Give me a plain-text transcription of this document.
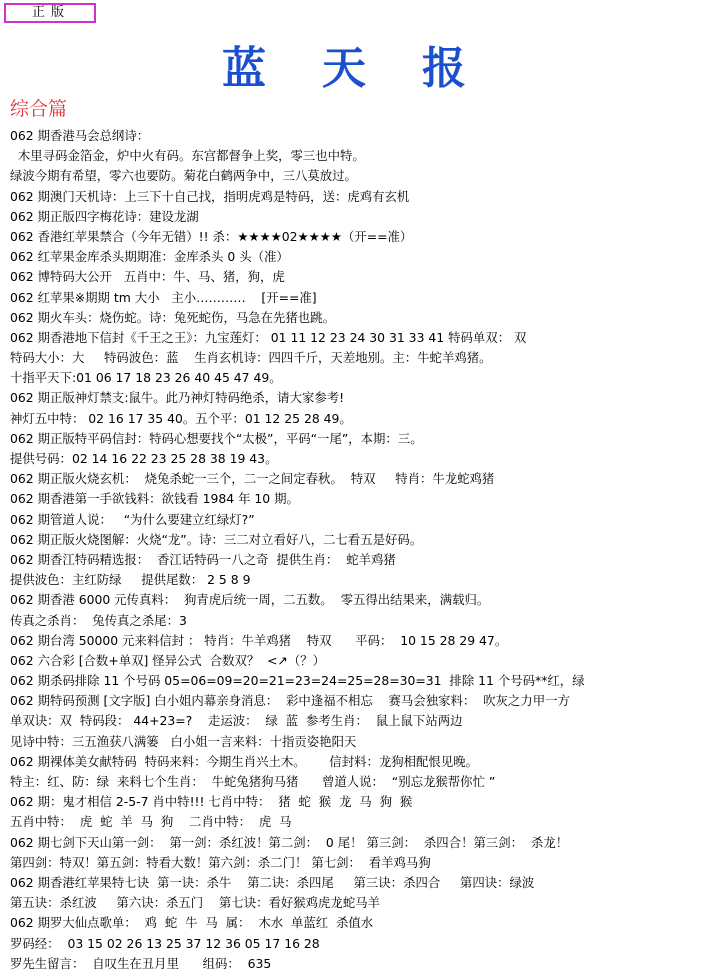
正版
蓝天报
综合篇
062 期香港马会总纲诗：
木里寻码金箔金，炉中火有码。东宫都督争上奖，零三也中特。
绿波今期有希望，零六也要防。菊花白鹤两争中，三八莫放过。
062 期澳门天机诗：上三下十自己找，指明虎鸡是特码，送：虎鸡有玄机
062 期正版四字梅花诗：建设龙湖
062 香港红苹果禁合（今年无错）!! 杀：★★★★02★★★★（开==准）
062 红苹果金库杀头期期准：金库杀头 0 头（准）
062 博特码大公开   五肖中：牛、马、猪，狗，虎
062 红苹果※期期 tm 大小   主小…………    [开==准]
062 期火车头：烧伤蛇。诗：兔死蛇伤，马急在先猪也跳。
062 期香港地下信封《千王之王》：九宝莲灯： 01 11 12 23 24 30 31 33 41 特码单双： 双
特码大小：大     特码波色：蓝    生肖玄机诗：四四千斤，天差地别。主：牛蛇羊鸡猪。
十指平天下:01 06 17 18 23 26 40 45 47 49。
062 期正版神灯禁支:鼠牛。此乃神灯特码绝杀，请大家参考!
神灯五中特： 02 16 17 35 40。五个平：01 12 25 28 49。
062 期正版特平码信封：特码心想要找个“太极”，平码“一尾”，本期：三。
提供号码：02 14 16 22 23 25 28 38 19 43。
062 期正版火烧玄机：  烧兔杀蛇一三个，二一之间定春秋。  特双     特肖：牛龙蛇鸡猪
062 期香港第一手欲钱料：欲钱看 1984 年 10 期。
062 期管道人说：   “为什么要建立红绿灯?”
062 期正版火烧图解：火烧“龙”。诗：三二对立看好八，二七看五是好码。
062 期香江特码精选报：  香江话特码一八之奇  提供生肖：  蛇羊鸡猪
提供波色：主红防绿     提供尾数： 2 5 8 9
062 期香港 6000 元传真料：  狗青虎后统一周，二五数。  零五得出结果来，满载归。
传真之杀肖：  兔传真之杀尾：3
062 期台湾 50000 元来料信封 ： 特肖：牛羊鸡猪    特双      平码：  10 15 28 29 47。
062 六合彩 [合数+单双] 怪异公式  合数双？  <↗（？）
062 期杀码排除 11 个号码 05=06=09=20=21=23=24=25=28=30=31  排除 11 个号码**红，绿
062 期特码预测 [文字版] 白小姐内幕亲身消息：  彩中逢福不相忘    赛马会独家料：  吹灰之力甲一方
单双诀：双  特码段： 44+23=?    走运波：  绿  蓝  参考生肖：  鼠上鼠下站两边
见诗中特：三五渔获八满篓   白小姐一言来料：十指贡姿艳阳天
062 期裸体美女献特码  特码来料：今期生肖兴土木。      信封料：龙狗相配恨见晚。
特主：红、防：绿  来料七个生肖：  牛蛇兔猪狗马猪      曾道人说：  “别忘龙猴帮你忙 ”
062 期：鬼才相信 2-5-7 肖中特!!! 七肖中特：  猪  蛇  猴  龙  马  狗  猴
五肖中特：  虎  蛇  羊  马  狗    二肖中特：  虎  马
062 期七剑下天山第一剑：  第一剑：杀红波！第二剑：  0 尾！ 第三剑：  杀四合！第三剑：  杀龙！
第四剑：特双！第五剑：特看大数！第六剑：杀二门！ 第七剑：  看羊鸡马狗
062 期香港红苹果特七诀  第一诀：杀牛    第二诀：杀四尾     第三诀：杀四合     第四诀：绿波
第五诀：杀红波     第六诀：杀五门    第七诀：看好猴鸡虎龙蛇马羊
062 期罗大仙点歌单：  鸡  蛇  牛  马  属：  木水  单蓝红  杀值水
罗码经：  03 15 02 26 13 25 37 12 36 05 17 16 28
罗先生留言：  自叹生在丑月里      组码：  635
